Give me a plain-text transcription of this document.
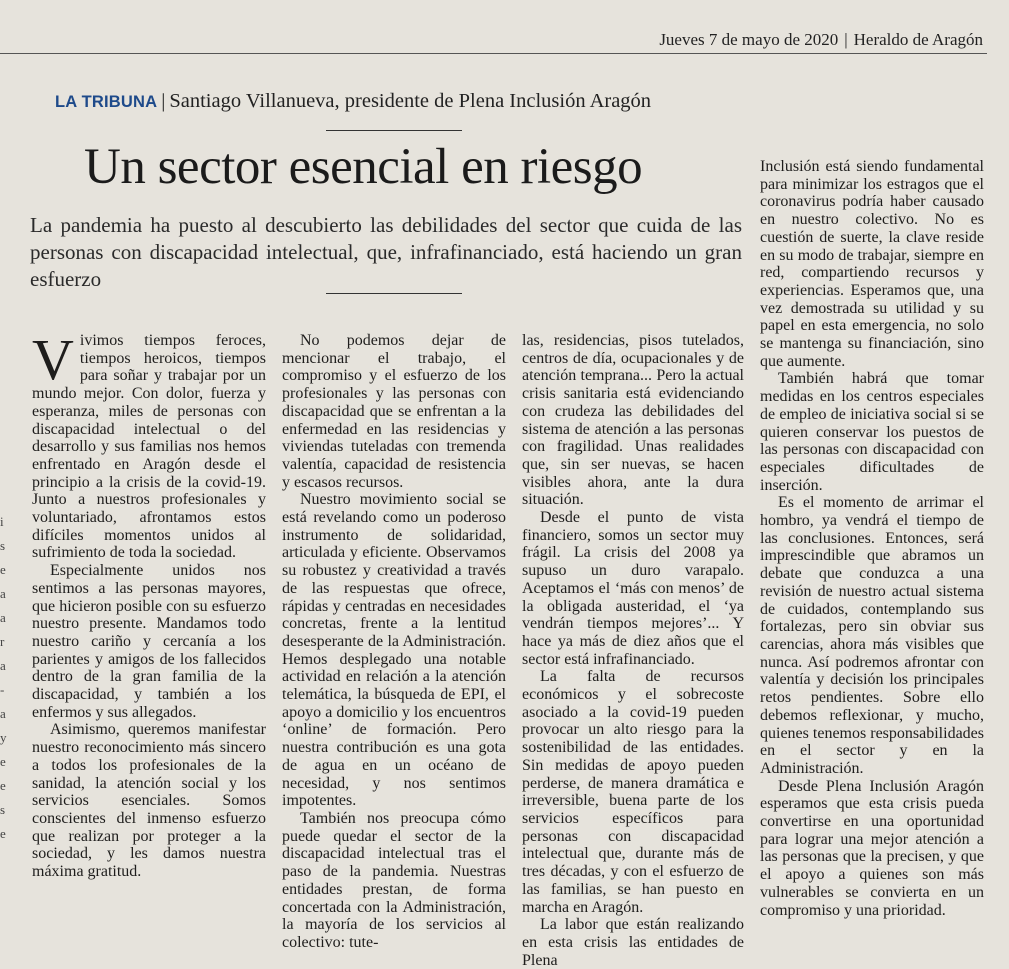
Jueves 7 de mayo de 2020 | Heraldo de Aragón
LA TRIBUNA | Santiago Villanueva, presidente de Plena Inclusión Aragón
Un sector esencial en riesgo
La pandemia ha puesto al descubierto las debilidades del sector que cuida de las personas con discapacidad intelectual, que, infrafinanciado, está haciendo un gran esfuerzo

Vivimos tiempos feroces, tiempos heroicos, tiempos para soñar y trabajar por un mundo mejor. Con dolor, fuerza y esperanza, miles de personas con discapacidad intelectual o del desarrollo y sus familias nos hemos enfrentado en Aragón desde el principio a la crisis de la covid-19. Junto a nuestros profesionales y voluntariado, afrontamos estos difíciles momentos unidos al sufrimiento de toda la sociedad.

Especialmente unidos nos sentimos a las personas mayores, que hicieron posible con su esfuerzo nuestro presente. Mandamos todo nuestro cariño y cercanía a los parientes y amigos de los fallecidos dentro de la gran familia de la discapacidad, y también a los enfermos y sus allegados.

Asimismo, queremos manifestar nuestro reconocimiento más sincero a todos los profesionales de la sanidad, la atención social y los servicios esenciales. Somos conscientes del inmenso esfuerzo que realizan por proteger a la sociedad, y les damos nuestra máxima gratitud.

No podemos dejar de mencionar el trabajo, el compromiso y el esfuerzo de los profesionales y las personas con discapacidad que se enfrentan a la enfermedad en las residencias y viviendas tuteladas con tremenda valentía, capacidad de resistencia y escasos recursos.

Nuestro movimiento social se está revelando como un poderoso instrumento de solidaridad, articulada y eficiente. Observamos su robustez y creatividad a través de las respuestas que ofrece, rápidas y centradas en necesidades concretas, frente a la lentitud desesperante de la Administración. Hemos desplegado una notable actividad en relación a la atención telemática, la búsqueda de EPI, el apoyo a domicilio y los encuentros ‘online’ de formación. Pero nuestra contribución es una gota de agua en un océano de necesidad, y nos sentimos impotentes.

También nos preocupa cómo puede quedar el sector de la discapacidad intelectual tras el paso de la pandemia. Nuestras entidades prestan, de forma concertada con la Administración, la mayoría de los servicios al colectivo: tute-

las, residencias, pisos tutelados, centros de día, ocupacionales y de atención temprana... Pero la actual crisis sanitaria está evidenciando con crudeza las debilidades del sistema de atención a las personas con fragilidad. Unas realidades que, sin ser nuevas, se hacen visibles ahora, ante la dura situación.

Desde el punto de vista financiero, somos un sector muy frágil. La crisis del 2008 ya supuso un duro varapalo. Aceptamos el ‘más con menos’ de la obligada austeridad, el ‘ya vendrán tiempos mejores’... Y hace ya más de diez años que el sector está infrafinanciado.

La falta de recursos económicos y el sobrecoste asociado a la covid-19 pueden provocar un alto riesgo para la sostenibilidad de las entidades. Sin medidas de apoyo pueden perderse, de manera dramática e irreversible, buena parte de los servicios específicos para personas con discapacidad intelectual que, durante más de tres décadas, y con el esfuerzo de las familias, se han puesto en marcha en Aragón.

La labor que están realizando en esta crisis las entidades de Plena

Inclusión está siendo fundamental para minimizar los estragos que el coronavirus podría haber causado en nuestro colectivo. No es cuestión de suerte, la clave reside en su modo de trabajar, siempre en red, compartiendo recursos y experiencias. Esperamos que, una vez demostrada su utilidad y su papel en esta emergencia, no solo se mantenga su financiación, sino que aumente.

También habrá que tomar medidas en los centros especiales de empleo de iniciativa social si se quieren conservar los puestos de las personas con discapacidad con especiales dificultades de inserción.

Es el momento de arrimar el hombro, ya vendrá el tiempo de las conclusiones. Entonces, será imprescindible que abramos un debate que conduzca a una revisión de nuestro actual sistema de cuidados, contemplando sus fortalezas, pero sin obviar sus carencias, ahora más visibles que nunca. Así podremos afrontar con valentía y decisión los principales retos pendientes. Sobre ello debemos reflexionar, y mucho, quienes tenemos responsabilidades en el sector y en la Administración.

Desde Plena Inclusión Aragón esperamos que esta crisis pueda convertirse en una oportunidad para lograr una mejor atención a las personas que la precisen, y que el apoyo a quienes son más vulnerables se convierta en un compromiso y una prioridad.

i
s
e
a
a
r
a
-
a
y
e
e
s
e
